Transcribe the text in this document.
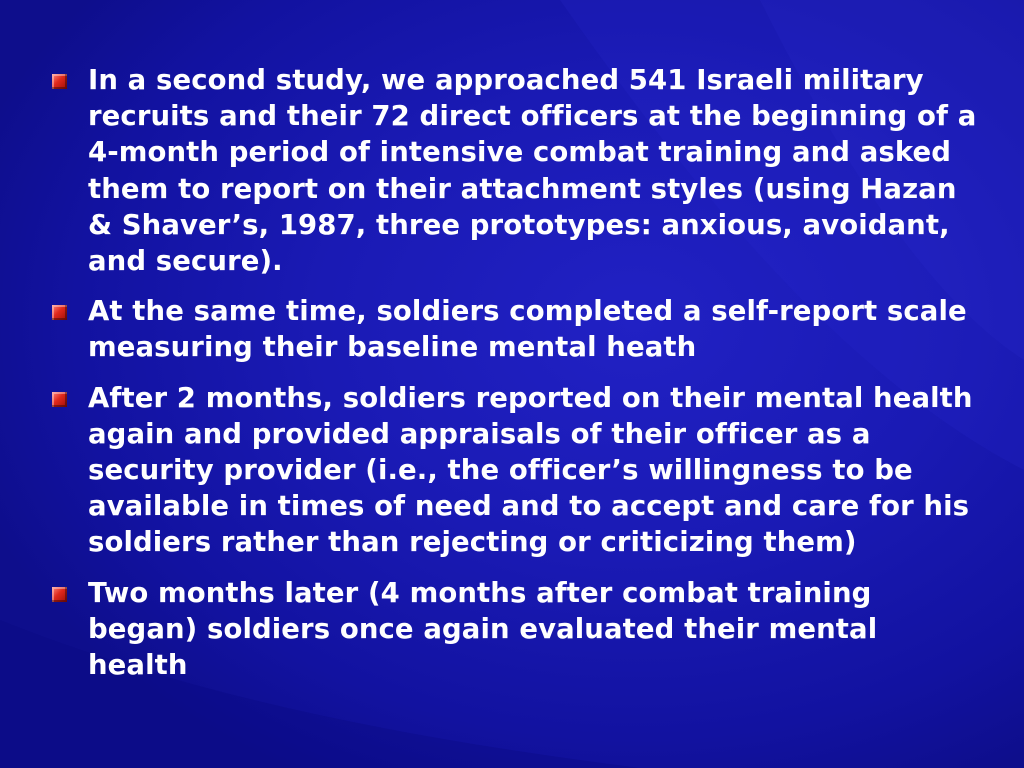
In a second study, we approached 541 Israeli military recruits and their 72 direct officers at the beginning of a 4-month period of intensive combat training and asked them to report on their attachment styles (using Hazan & Shaver’s, 1987, three prototypes: anxious, avoidant, and secure).
At the same time, soldiers completed a self-report scale measuring their baseline mental heath
After 2 months, soldiers reported on their mental health again and provided appraisals of their officer as a security provider (i.e., the officer’s willingness to be available in times of need and to accept and care for his soldiers rather than rejecting or criticizing them)
Two months later (4 months after combat training began) soldiers once again evaluated their mental health
